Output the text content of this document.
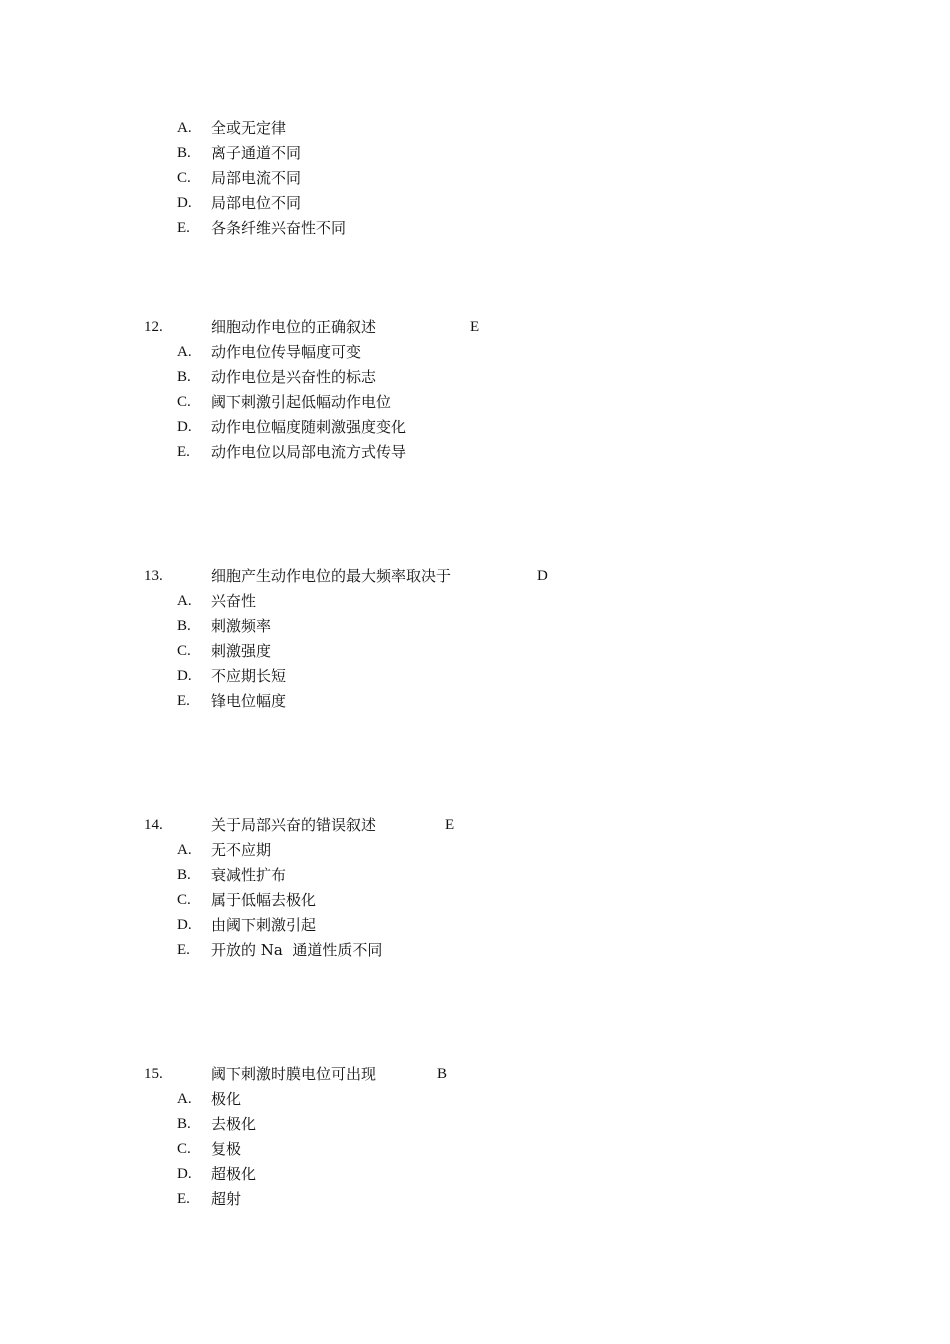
A. 全或无定律
B. 离子通道不同
C. 局部电流不同
D. 局部电位不同
E. 各条纤维兴奋性不同
12.	细胞动作电位的正确叙述	E
A. 动作电位传导幅度可变
B. 动作电位是兴奋性的标志
C. 阈下刺激引起低幅动作电位
D. 动作电位幅度随刺激强度变化
E. 动作电位以局部电流方式传导
13.	细胞产生动作电位的最大频率取决于	D
A. 兴奋性
B. 刺激频率
C. 刺激强度
D. 不应期长短
E. 锋电位幅度
14.	关于局部兴奋的错误叙述	E
A. 无不应期
B. 衰减性扩布
C. 属于低幅去极化
D. 由阈下刺激引起
E. 开放的 Na  通道性质不同
15.	阈下刺激时膜电位可出现	B
A. 极化
B. 去极化
C. 复极
D. 超极化
E. 超射
